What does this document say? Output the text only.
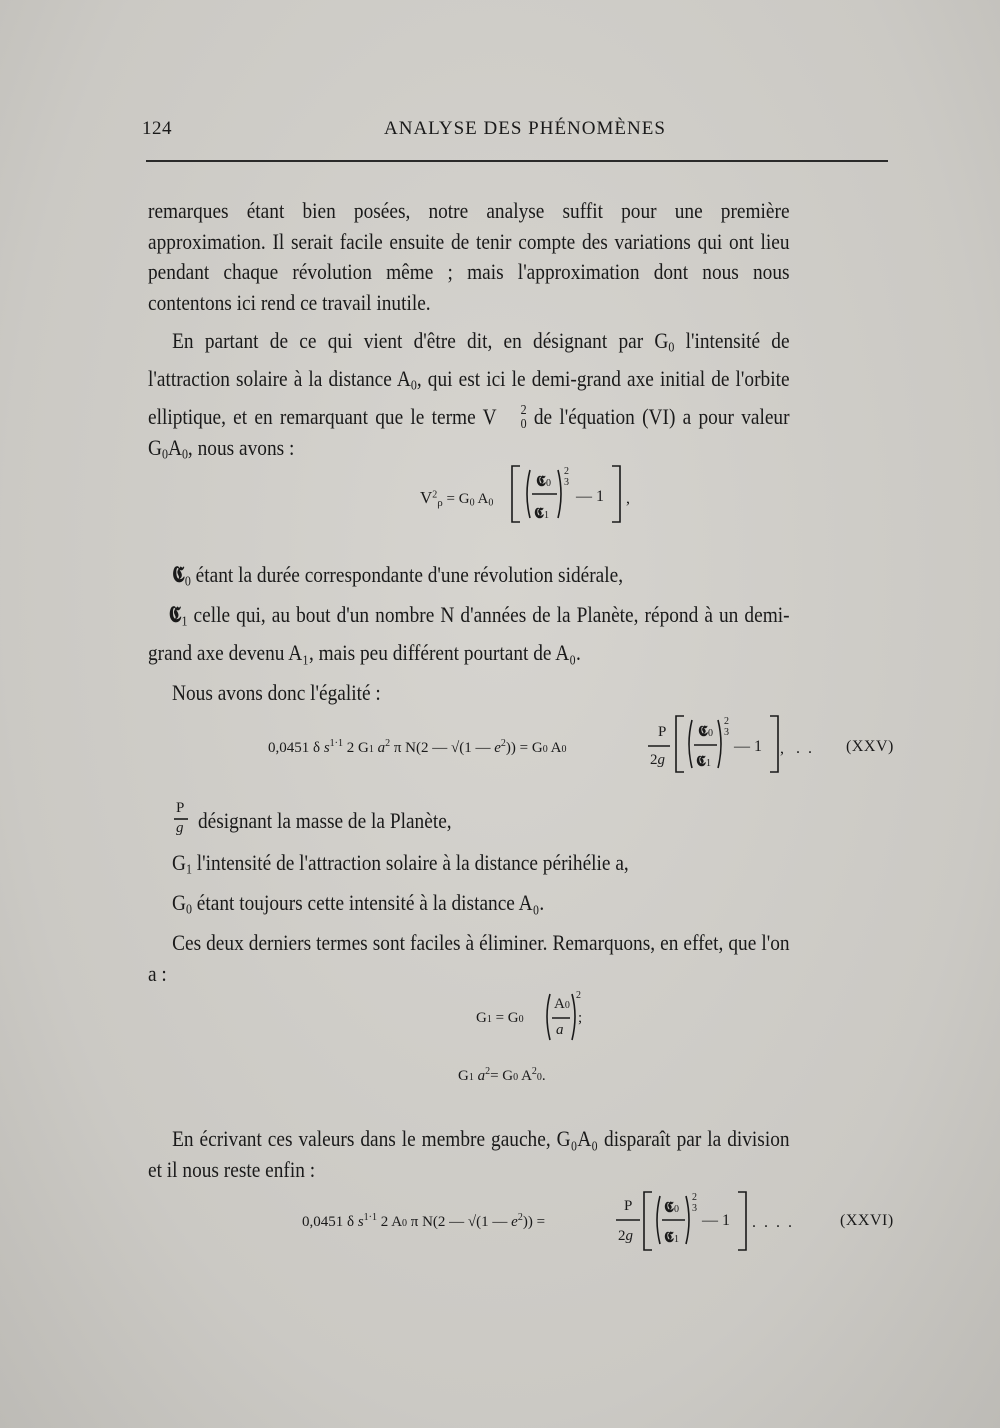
124	ANALYSE DES PHÉNOMÈNES
remarques étant bien posées, notre analyse suffit pour une première approximation. Il serait facile ensuite de tenir compte des variations qui ont lieu pendant chaque révolution même ; mais l'approximation dont nous nous contentons ici rend ce travail inutile.
En partant de ce qui vient d'être dit, en désignant par $G_0$ l'intensité de l'attraction solaire à la distance $A_0$, qui est ici le demi-grand axe initial de l'orbite elliptique, et en remarquant que le terme V	2
0 de l'équation (VI) a pour valeur $G_0A_0$, nous avons :
$V^2_\rho = G_0$ $A_0$
𝕮0
𝕮1
2
3
— 1 ,
𝕮$_0$ étant la durée correspondante d'une révolution sidérale,
𝕮$_1$ celle qui, au bout d'un nombre N d'années de la Planète, répond à un demi-grand axe devenu A₁, mais peu différent pourtant de A₀.
Nous avons donc l'égalité :
0,0451 δ $s^{1\cdot 1}$ 2 G1 $a^2$ π N(2 — √(1 — $e^2)) = G0$ A0
P
2g
𝕮0
𝕮1
2
3
— 1 ,   .  . (XXV)
P
g désignant la masse de la Planète,
$G_1$ l'intensité de l'attraction solaire à la distance périhélie a,
$G_0$ étant toujours cette intensité à la distance A₀.
Ces deux derniers termes sont faciles à éliminer. Remarquons, en effet, que l'on a :
G1 = G0
A0
a
2
;
G1 $a^2= G0$ $A^20$.
En écrivant ces valeurs dans le membre gauche, G₀A₀ disparaît par la division et il nous reste enfin :
0,0451 δ $s^{1\cdot 1}$ 2 A0 π N(2 — √(1 — $e^2$)) =
P
2g
𝕮0
𝕮1
2
3
— 1 .  .  .  .	(XXVI)
